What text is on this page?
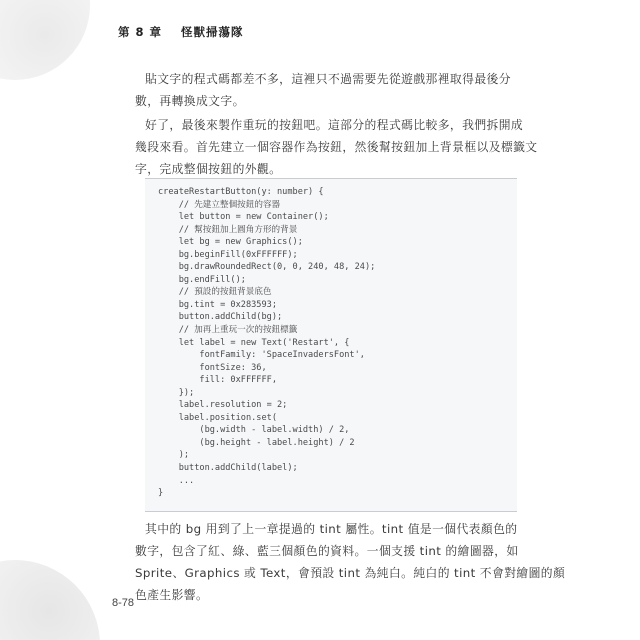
第 8 章 怪獸掃蕩隊
貼文字的程式碼都差不多，這裡只不過需要先從遊戲那裡取得最後分
數，再轉換成文字。
好了，最後來製作重玩的按鈕吧。這部分的程式碼比較多，我們拆開成
幾段來看。首先建立一個容器作為按鈕，然後幫按鈕加上背景框以及標籤文
字，完成整個按鈕的外觀。
createRestartButton(y: number) {
// 先建立整個按鈕的容器
let button = new Container();
// 幫按鈕加上圓角方形的背景
let bg = new Graphics();
bg.beginFill(0xFFFFFF);
bg.drawRoundedRect(0, 0, 240, 48, 24);
bg.endFill();
// 預設的按鈕背景底色
bg.tint = 0x283593;
button.addChild(bg);
// 加再上重玩一次的按鈕標籤
let label = new Text('Restart', {
fontFamily: 'SpaceInvadersFont',
fontSize: 36,
fill: 0xFFFFFF,
});
label.resolution = 2;
label.position.set(
(bg.width - label.width) / 2,
(bg.height - label.height) / 2
);
button.addChild(label);
...
}
其中的 bg 用到了上一章提過的 tint 屬性。tint 值是一個代表顏色的
數字，包含了紅、綠、藍三個顏色的資料。一個支援 tint 的繪圖器，如
Sprite、Graphics 或 Text，會預設 tint 為純白。純白的 tint 不會對繪圖的顏
色產生影響。
8-78
